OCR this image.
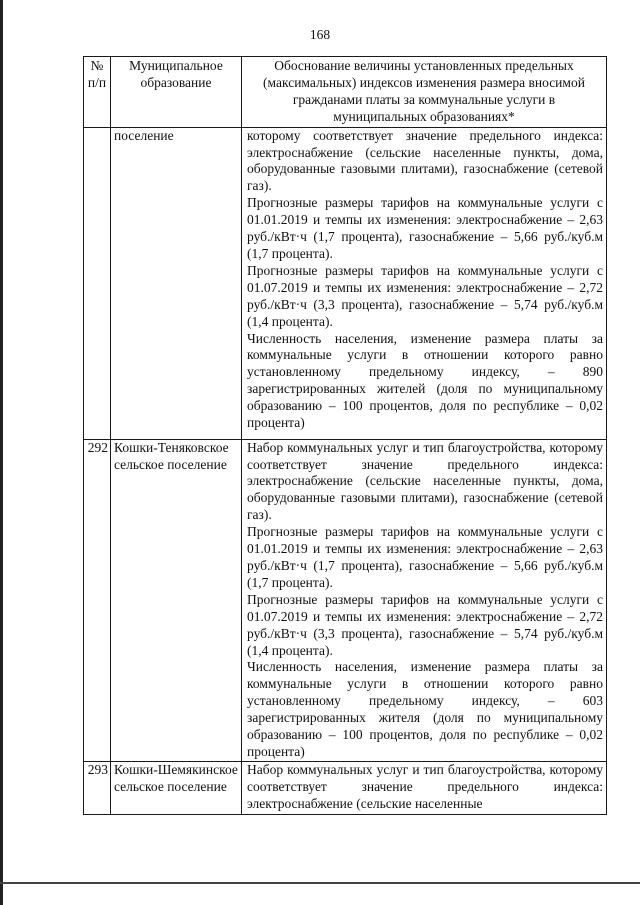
168
№
п/п	Муниципальное образование	Обоснование величины установленных предельных (максимальных) индексов изменения размера вносимой гражданами платы за коммунальные услуги в муниципальных образованиях*
	поселение	которому соответствует значение предельного индекса: электроснабжение (сельские населенные пункты, дома, оборудованные газовыми плитами), газоснабжение (сетевой газ).
Прогнозные размеры тарифов на коммунальные услуги с 01.01.2019 и темпы их изменения: электроснабжение – 2,63 руб./кВт·ч (1,7 процента), газоснабжение – 5,66 руб./куб.м (1,7 процента).
Прогнозные размеры тарифов на коммунальные услуги с 01.07.2019 и темпы их изменения: электроснабжение – 2,72 руб./кВт·ч (3,3 процента), газоснабжение – 5,74 руб./куб.м (1,4 процента).
Численность населения, изменение размера платы за коммунальные услуги в отношении которого равно установленному предельному индексу, – 890 зарегистрированных жителей (доля по муниципальному образованию – 100 процентов, доля по республике – 0,02 процента)

292	Кошки-Теняковское сельское поселение	Набор коммунальных услуг и тип благоустройства, которому соответствует значение предельного индекса: электроснабжение (сельские населенные пункты, дома, оборудованные газовыми плитами), газоснабжение (сетевой газ).
Прогнозные размеры тарифов на коммунальные услуги с 01.01.2019 и темпы их изменения: электроснабжение – 2,63 руб./кВт·ч (1,7 процента), газоснабжение – 5,66 руб./куб.м (1,7 процента).
Прогнозные размеры тарифов на коммунальные услуги с 01.07.2019 и темпы их изменения: электроснабжение – 2,72 руб./кВт·ч (3,3 процента), газоснабжение – 5,74 руб./куб.м (1,4 процента).
Численность населения, изменение размера платы за коммунальные услуги в отношении которого равно установленному предельному индексу, – 603 зарегистрированных жителя (доля по муниципальному образованию – 100 процентов, доля по республике – 0,02 процента)

293	Кошки-Шемякинское сельское поселение	Набор коммунальных услуг и тип благоустройства, которому соответствует значение предельного индекса: электроснабжение (сельские населенные
